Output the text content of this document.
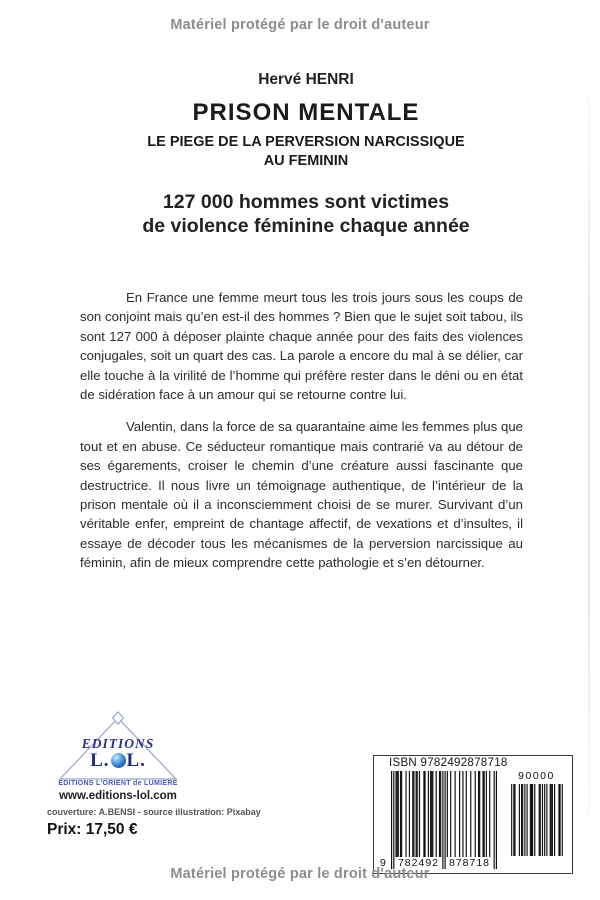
Matériel protégé par le droit d'auteur
Hervé HENRI
PRISON MENTALE
LE PIEGE DE LA PERVERSION NARCISSIQUE
AU FEMININ
127 000 hommes sont victimes
de violence féminine chaque année

En France une femme meurt tous les trois jours sous les coups de son conjoint mais qu’en est-il des hommes ? Bien que le sujet soit tabou, ils sont 127 000 à déposer plainte chaque année pour des faits des violences conjugales, soit un quart des cas. La parole a encore du mal à se délier, car elle touche à la virilité de l’homme qui préfère rester dans le déni ou en état de sidération face à un amour qui se retourne contre lui.

Valentin, dans la force de sa quarantaine aime les femmes plus que tout et en abuse. Ce séducteur romantique mais contrarié va au détour de ses égarements, croiser le chemin d’une créature aussi fascinante que destructrice. Il nous livre un témoignage authentique, de l’intérieur de la prison mentale où il a inconsciemment choisi de se murer. Survivant d’un véritable enfer, empreint de chantage affectif, de vexations et d’insultes, il essaye de décoder tous les mécanismes de la perversion narcissique au féminin, afin de mieux comprendre cette pathologie et s’en détourner.

EDITIONS
L. L.
EDITIONS L'ORIENT de LUMIERE
www.editions-lol.com
couverture: A.BENSI - source illustration: Pixabay
Prix: 17,50 €
ISBN 9782492878718
9 782492 878718
90000
Matériel protégé par le droit d'auteur
